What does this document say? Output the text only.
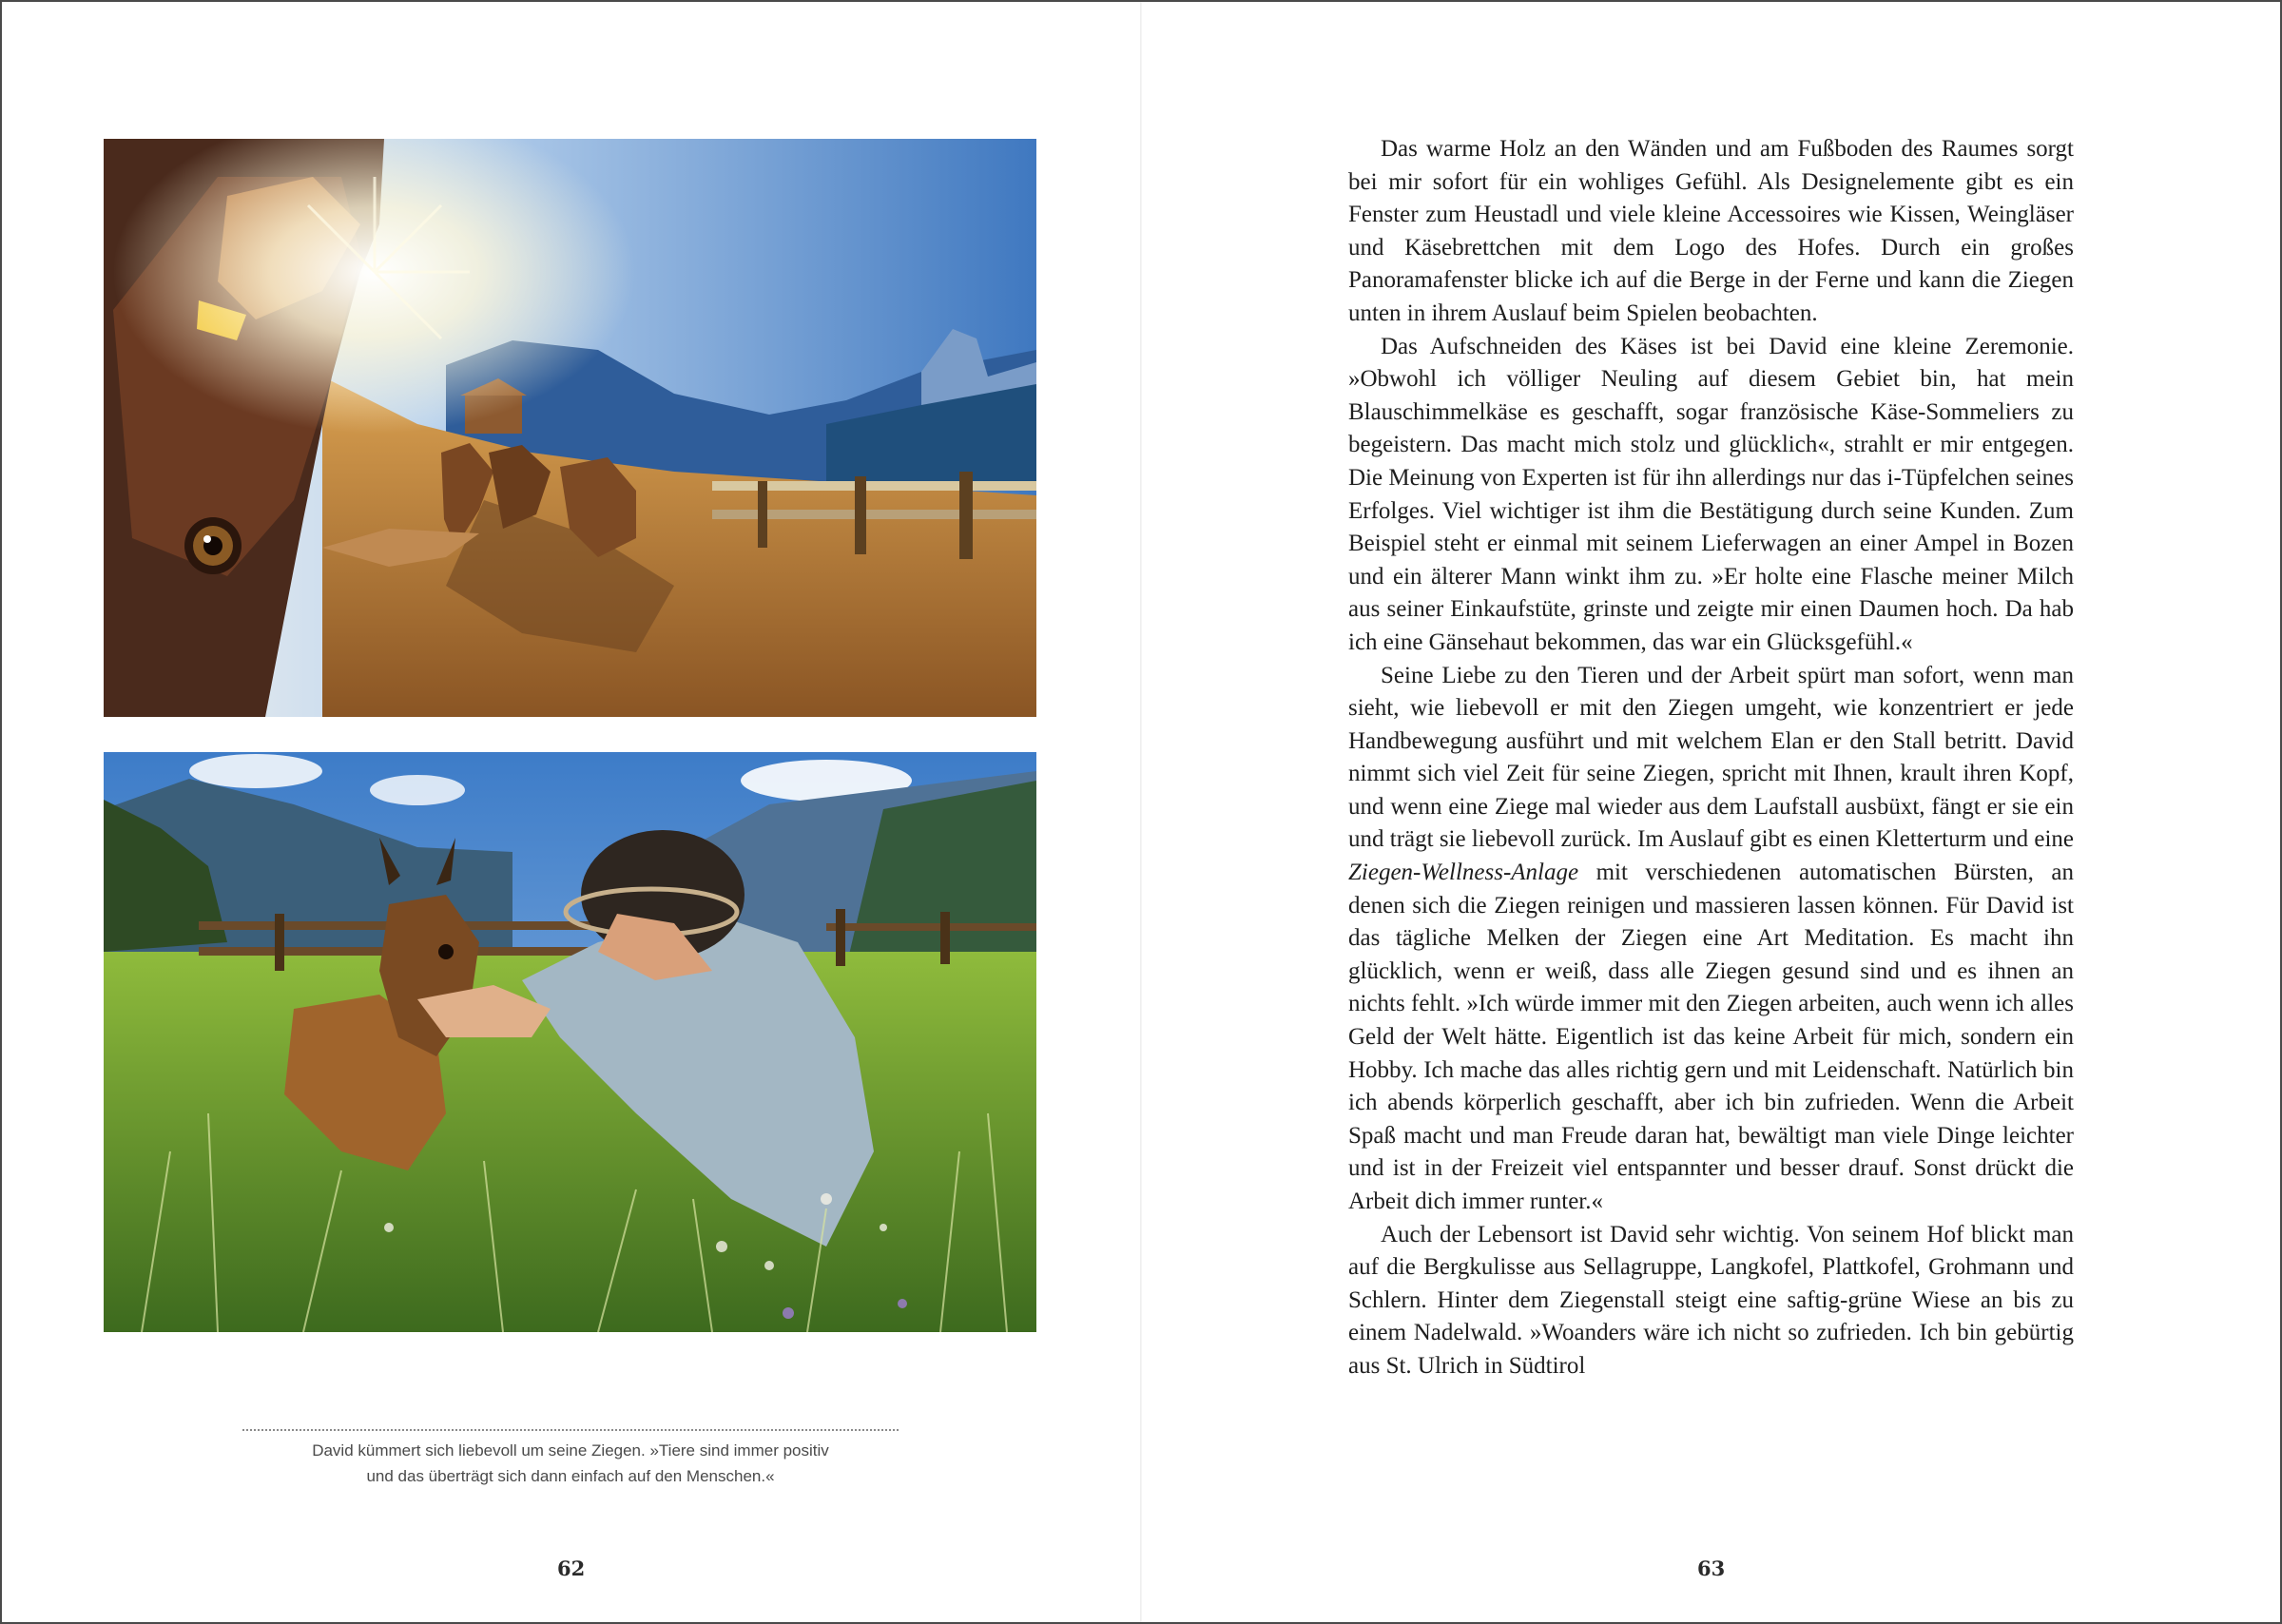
David kümmert sich liebevoll um seine Ziegen. »Tiere sind immer positiv
und das überträgt sich dann einfach auf den Menschen.«

62

Das warme Holz an den Wänden und am Fußboden des Raumes sorgt bei mir sofort für ein wohliges Gefühl. Als Designelemente gibt es ein Fenster zum Heustadl und viele kleine Accessoires wie Kissen, Weingläser und Käsebrettchen mit dem Logo des Hofes. Durch ein großes Panoramafenster blicke ich auf die Berge in der Ferne und kann die Ziegen unten in ihrem Auslauf beim Spielen beobachten.

Das Aufschneiden des Käses ist bei David eine kleine Zeremonie. »Obwohl ich völliger Neuling auf diesem Gebiet bin, hat mein Blauschimmelkäse es geschafft, sogar französische Käse-Sommeliers zu begeistern. Das macht mich stolz und glücklich«, strahlt er mir entgegen. Die Meinung von Experten ist für ihn allerdings nur das i-Tüpfelchen seines Erfolges. Viel wichtiger ist ihm die Bestätigung durch seine Kunden. Zum Beispiel steht er einmal mit seinem Lieferwagen an einer Ampel in Bozen und ein älterer Mann winkt ihm zu. »Er holte eine Flasche meiner Milch aus seiner Einkaufstüte, grinste und zeigte mir einen Daumen hoch. Da hab ich eine Gänsehaut bekommen, das war ein Glücksgefühl.«

Seine Liebe zu den Tieren und der Arbeit spürt man sofort, wenn man sieht, wie liebevoll er mit den Ziegen umgeht, wie konzentriert er jede Handbewegung ausführt und mit welchem Elan er den Stall betritt. David nimmt sich viel Zeit für seine Ziegen, spricht mit Ihnen, krault ihren Kopf, und wenn eine Ziege mal wieder aus dem Laufstall ausbüxt, fängt er sie ein und trägt sie liebevoll zurück. Im Auslauf gibt es einen Kletterturm und eine Ziegen-Wellness-Anlage mit verschiedenen automatischen Bürsten, an denen sich die Ziegen reinigen und massieren lassen können. Für David ist das tägliche Melken der Ziegen eine Art Meditation. Es macht ihn glücklich, wenn er weiß, dass alle Ziegen gesund sind und es ihnen an nichts fehlt. »Ich würde immer mit den Ziegen arbeiten, auch wenn ich alles Geld der Welt hätte. Eigentlich ist das keine Arbeit für mich, sondern ein Hobby. Ich mache das alles richtig gern und mit Leidenschaft. Natürlich bin ich abends körperlich geschafft, aber ich bin zufrieden. Wenn die Arbeit Spaß macht und man Freude daran hat, bewältigt man viele Dinge leichter und ist in der Freizeit viel entspannter und besser drauf. Sonst drückt die Arbeit dich immer runter.«

Auch der Lebensort ist David sehr wichtig. Von seinem Hof blickt man auf die Bergkulisse aus Sellagruppe, Langkofel, Plattkofel, Grohmann und Schlern. Hinter dem Ziegenstall steigt eine saftig-grüne Wiese an bis zu einem Nadelwald. »Woanders wäre ich nicht so zufrieden. Ich bin gebürtig aus St. Ulrich in Südtirol

63
